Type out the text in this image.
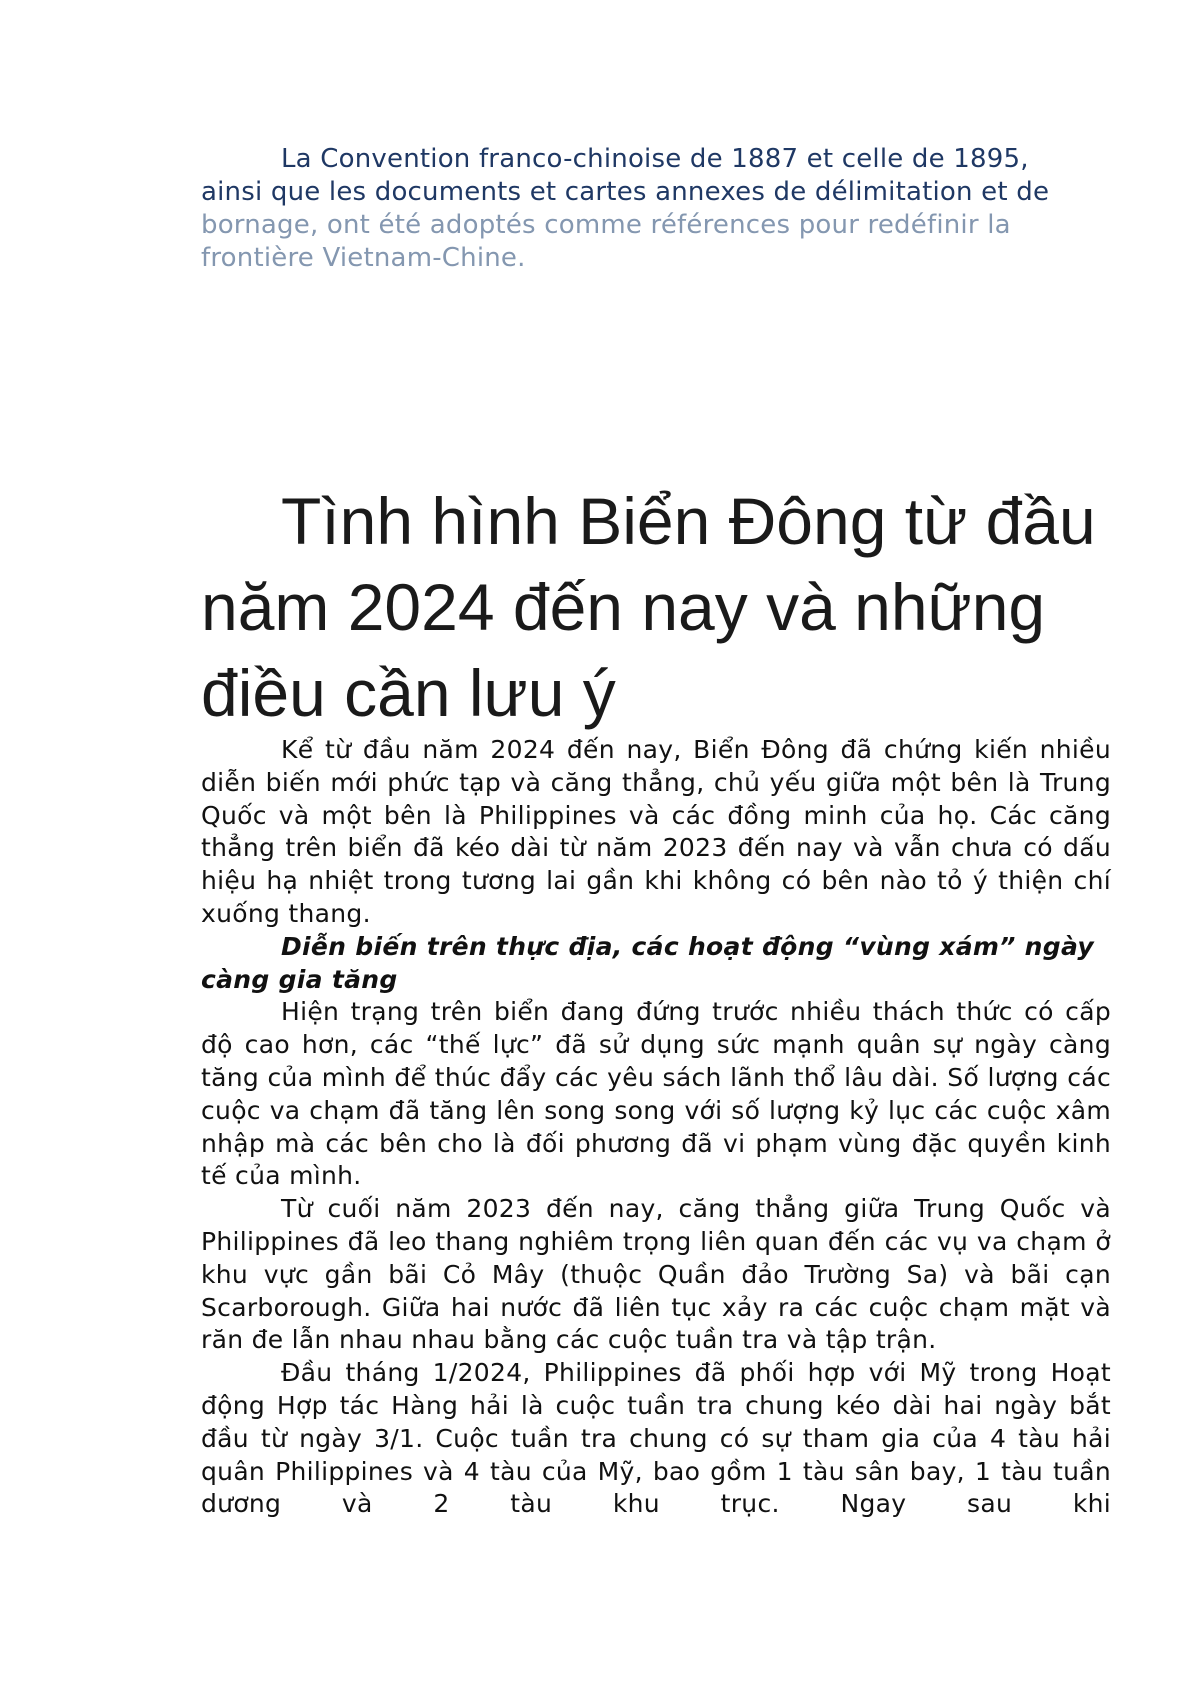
La Convention franco-chinoise de 1887 et celle de 1895,
ainsi que les documents et cartes annexes de délimitation et de
bornage, ont été adoptés comme références pour redéfinir la
frontière Vietnam-Chine.
Tình hình Biển Đông từ đầu năm 2024 đến nay và những điều cần lưu ý

Kể từ đầu năm 2024 đến nay, Biển Đông đã chứng kiến nhiều diễn biến mới phức tạp và căng thẳng, chủ yếu giữa một bên là Trung Quốc và một bên là Philippines và các đồng minh của họ. Các căng thẳng trên biển đã kéo dài từ năm 2023 đến nay và vẫn chưa có dấu hiệu hạ nhiệt trong tương lai gần khi không có bên nào tỏ ý thiện chí xuống thang.

Diễn biến trên thực địa, các hoạt động “vùng xám” ngày càng gia tăng

Hiện trạng trên biển đang đứng trước nhiều thách thức có cấp độ cao hơn, các “thế lực” đã sử dụng sức mạnh quân sự ngày càng tăng của mình để thúc đẩy các yêu sách lãnh thổ lâu dài. Số lượng các cuộc va chạm đã tăng lên song song với số lượng kỷ lục các cuộc xâm nhập mà các bên cho là đối phương đã vi phạm vùng đặc quyền kinh tế của mình.

Từ cuối năm 2023 đến nay, căng thẳng giữa Trung Quốc và Philippines đã leo thang nghiêm trọng liên quan đến các vụ va chạm ở khu vực gần bãi Cỏ Mây (thuộc Quần đảo Trường Sa) và bãi cạn Scarborough. Giữa hai nước đã liên tục xảy ra các cuộc chạm mặt và răn đe lẫn nhau nhau bằng các cuộc tuần tra và tập trận.

Đầu tháng 1/2024, Philippines đã phối hợp với Mỹ trong Hoạt động Hợp tác Hàng hải là cuộc tuần tra chung kéo dài hai ngày bắt đầu từ ngày 3/1. Cuộc tuần tra chung có sự tham gia của 4 tàu hải quân Philippines và 4 tàu của Mỹ, bao gồm 1 tàu sân bay, 1 tàu tuần dương và 2 tàu khu trục. Ngay sau khi
